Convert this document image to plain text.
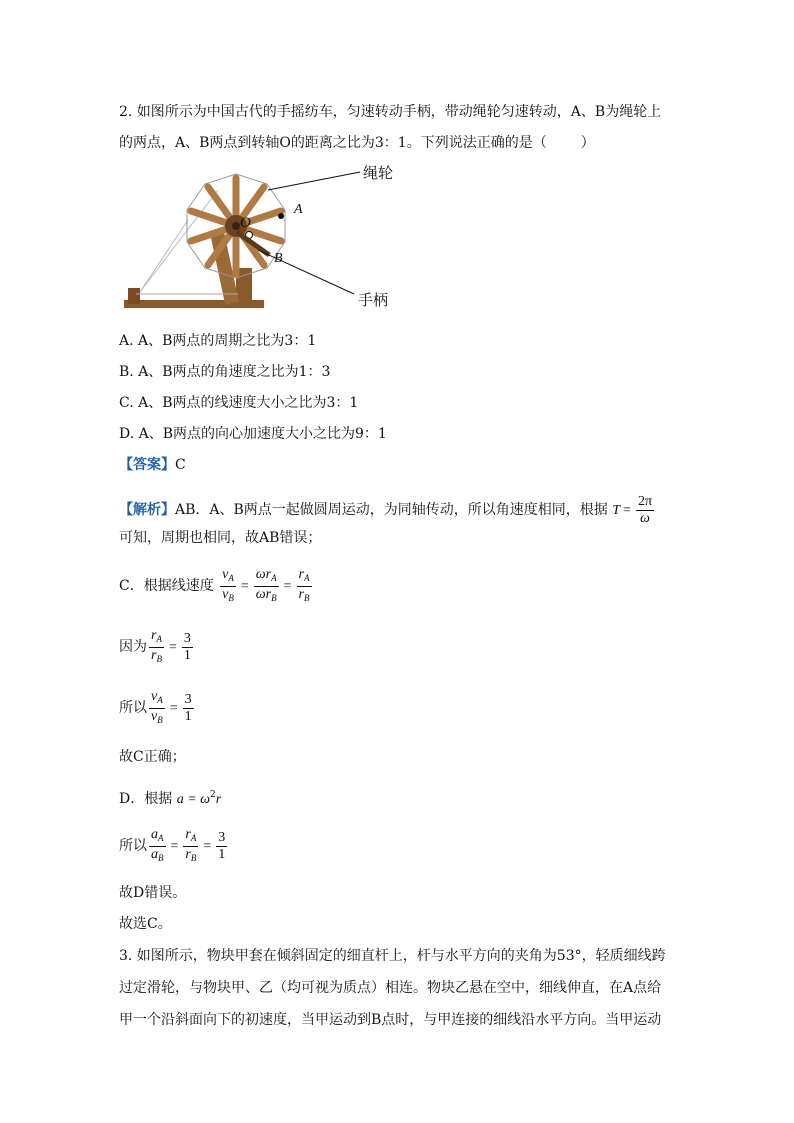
2. 如图所示为中国古代的手摇纺车，匀速转动手柄，带动绳轮匀速转动，A、B为绳轮上
的两点，A、B两点到转轴O的距离之比为3：1。下列说法正确的是（ ）
绳轮
手柄
A
B
O
A. A、B两点的周期之比为3：1
B. A、B两点的角速度之比为1：3
C. A、B两点的线速度大小之比为3：1
D. A、B两点的向心加速度大小之比为9：1
【答案】C
【解析】AB．A、B两点一起做圆周运动，为同轴传动，所以角速度相同，根据 $T = \frac{2\pi}{\omega}$
可知，周期也相同，故AB错误；
C．根据线速度 $\frac{v_A}{v_B} = \frac{\omega r_A}{\omega r_B} = \frac{r_A}{r_B}$
因为 $\frac{r_A}{r_B} = \frac{3}{1}$
所以 $\frac{v_A}{v_B} = \frac{3}{1}$
故C正确；
D．根据 $a = \omega^2r$
所以 $\frac{a_A}{a_B} = \frac{r_A}{r_B} = \frac{3}{1}$
故D错误。
故选C。
3. 如图所示，物块甲套在倾斜固定的细直杆上，杆与水平方向的夹角为53°，轻质细线跨
过定滑轮，与物块甲、乙（均可视为质点）相连。物块乙悬在空中，细线伸直，在A点给
甲一个沿斜面向下的初速度，当甲运动到B点时，与甲连接的细线沿水平方向。当甲运动
